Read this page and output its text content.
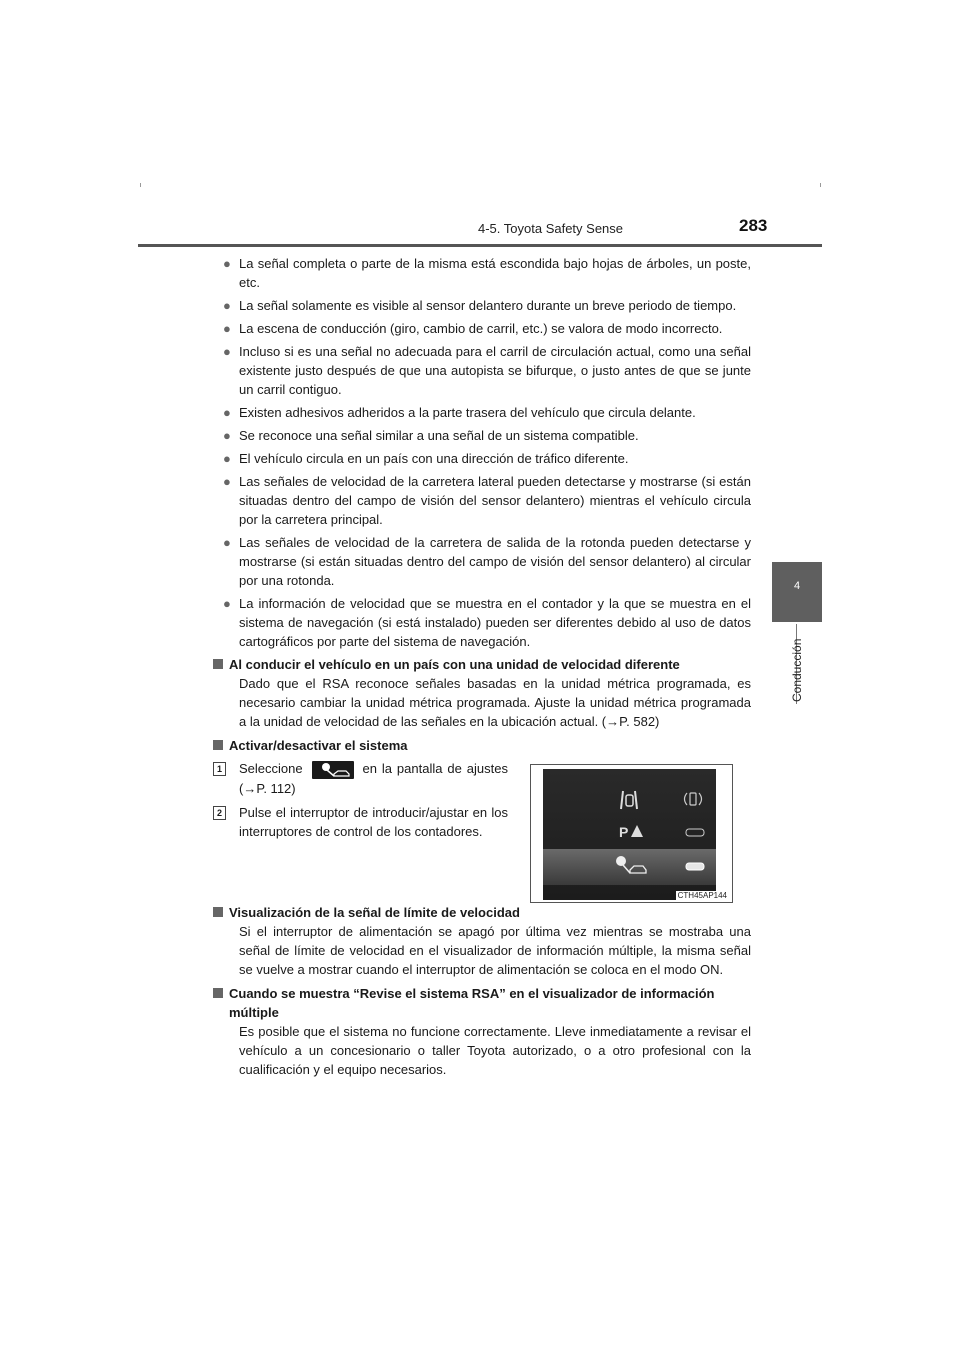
4-5. Toyota Safety Sense	283
4
Conducción
● La señal completa o parte de la misma está escondida bajo hojas de árboles, un poste, etc.
● La señal solamente es visible al sensor delantero durante un breve periodo de tiempo.
● La escena de conducción (giro, cambio de carril, etc.) se valora de modo incorrecto.
● Incluso si es una señal no adecuada para el carril de circulación actual, como una señal existente justo después de que una autopista se bifurque, o justo antes de que se junte un carril contiguo.
● Existen adhesivos adheridos a la parte trasera del vehículo que circula delante.
● Se reconoce una señal similar a una señal de un sistema compatible.
● El vehículo circula en un país con una dirección de tráfico diferente.
● Las señales de velocidad de la carretera lateral pueden detectarse y mostrarse (si están situadas dentro del campo de visión del sensor delantero) mientras el vehículo circula por la carretera principal.
● Las señales de velocidad de la carretera de salida de la rotonda pueden detectarse y mostrarse (si están situadas dentro del campo de visión del sensor delantero) al circular por una rotonda.
● La información de velocidad que se muestra en el contador y la que se muestra en el sistema de navegación (si está instalado) pueden ser diferentes debido al uso de datos cartográficos por parte del sistema de navegación.
Al conducir el vehículo en un país con una unidad de velocidad diferente

Dado que el RSA reconoce señales basadas en la unidad métrica programada, es necesario cambiar la unidad métrica programada. Ajuste la unidad métrica programada a la unidad de velocidad de las señales en la ubicación actual. (→P. 582)

Activar/desactivar el sistema
1	Seleccione	en la pantalla de ajustes (→P. 112)
2	Pulse el interruptor de introducir/ajustar en los interruptores de control de los contadores.
Visualización de la señal de límite de velocidad

Si el interruptor de alimentación se apagó por última vez mientras se mostraba una señal de límite de velocidad en el visualizador de información múltiple, la misma señal se vuelve a mostrar cuando el interruptor de alimentación se coloca en el modo ON.

Cuando se muestra “Revise el sistema RSA” en el visualizador de información múltiple

Es posible que el sistema no funcione correctamente. Lleve inmediatamente a revisar el vehículo a un concesionario o taller Toyota autorizado, o a otro profesional con la cualificación y el equipo necesarios.

P
CTH45AP144
